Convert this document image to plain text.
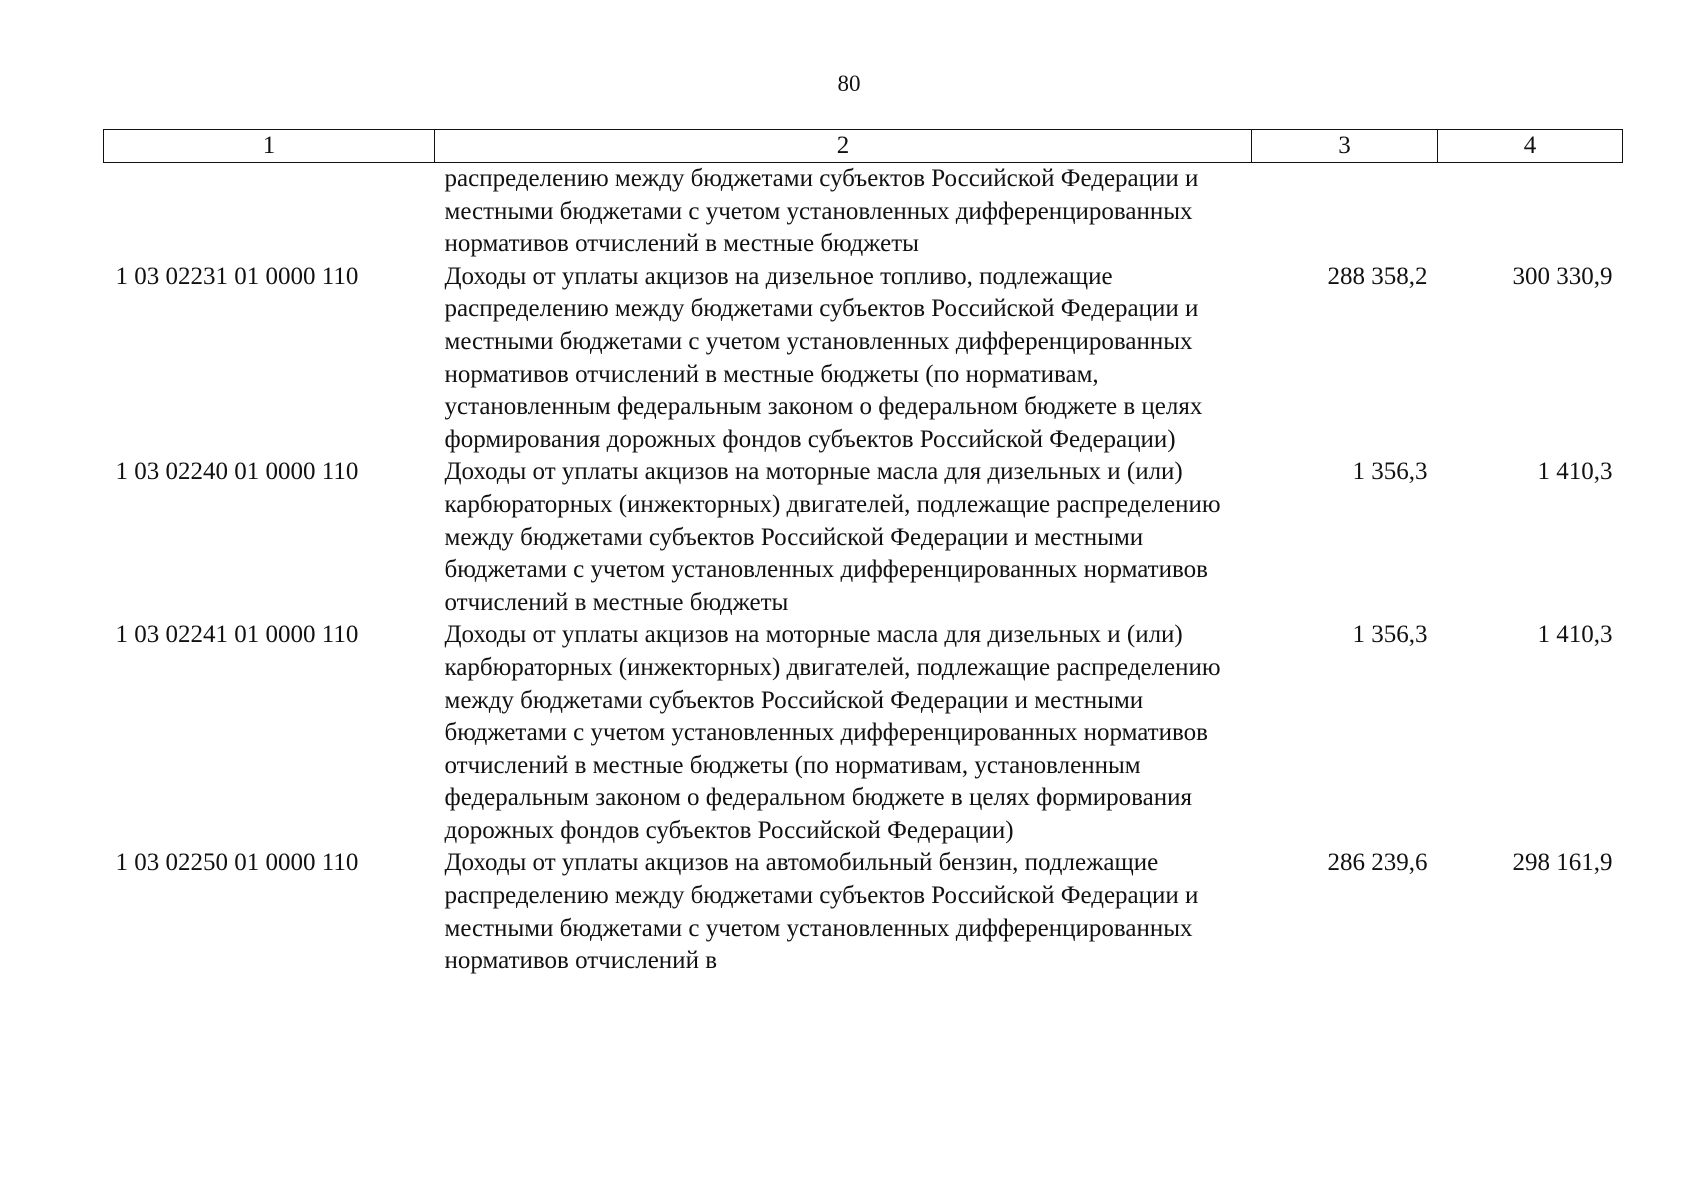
80
1	2	3	4
	распределению между бюджетами субъектов Российской Федерации и местными бюджетами с учетом установленных дифференцированных нормативов отчислений в местные бюджеты		
1 03 02231 01 0000 110	Доходы от уплаты акцизов на дизельное топливо, подлежащие распределению между бюджетами субъектов Российской Федерации и местными бюджетами с учетом установленных дифференцированных нормативов отчислений в местные бюджеты (по нормативам, установленным федеральным законом о федеральном бюджете в целях формирования дорожных фондов субъектов Российской Федерации)	288 358,2	300 330,9
1 03 02240 01 0000 110	Доходы от уплаты акцизов на моторные масла для дизельных и (или) карбюраторных (инжекторных) двигателей, подлежащие распределению между бюджетами субъектов Российской Федерации и местными бюджетами с учетом установленных дифференцированных нормативов отчислений в местные бюджеты	1 356,3	1 410,3
1 03 02241 01 0000 110	Доходы от уплаты акцизов на моторные масла для дизельных и (или) карбюраторных (инжекторных) двигателей, подлежащие распределению между бюджетами субъектов Российской Федерации и местными бюджетами с учетом установленных дифференцированных нормативов отчислений в местные бюджеты (по нормативам, установленным федеральным законом о федеральном бюджете в целях формирования дорожных фондов субъектов Российской Федерации)	1 356,3	1 410,3
1 03 02250 01 0000 110	Доходы от уплаты акцизов на автомобильный бензин, подлежащие распределению между бюджетами субъектов Российской Федерации и местными бюджетами с учетом установленных дифференцированных нормативов отчислений в	286 239,6	298 161,9
